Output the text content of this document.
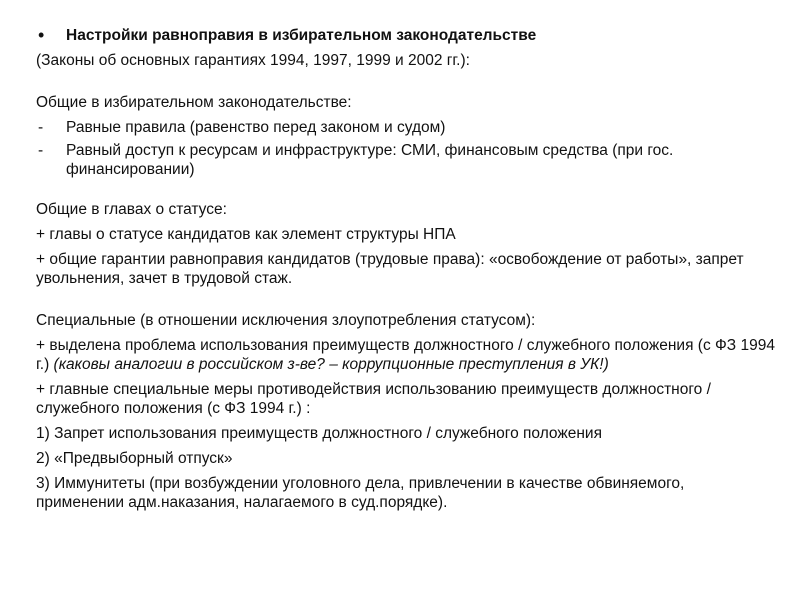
•	Настройки равноправия в избирательном законодательстве
(Законы об основных гарантиях 1994, 1997, 1999 и 2002 гг.):
Общие в избирательном законодательстве:
-	Равные правила (равенство перед законом и судом)
-	Равный доступ к ресурсам и инфраструктуре: СМИ, финансовым средства (при гос. финансировании)
Общие в главах о статусе:
+ главы о статусе кандидатов как элемент структуры НПА
+ общие гарантии равноправия кандидатов (трудовые права): «освобождение от работы», запрет увольнения, зачет в трудовой стаж.
Специальные (в отношении исключения злоупотребления статусом):
+ выделена проблема использования преимуществ должностного / служебного положения (с ФЗ 1994 г.) (каковы аналогии в российском з-ве? – коррупционные преступления в УК!)
+ главные специальные меры противодействия использованию преимуществ должностного / служебного положения (с ФЗ 1994 г.) :
1) Запрет использования преимуществ должностного / служебного положения
2) «Предвыборный отпуск»
3) Иммунитеты (при возбуждении уголовного дела, привлечении в качестве обвиняемого, применении адм.наказания, налагаемого в суд.порядке).
